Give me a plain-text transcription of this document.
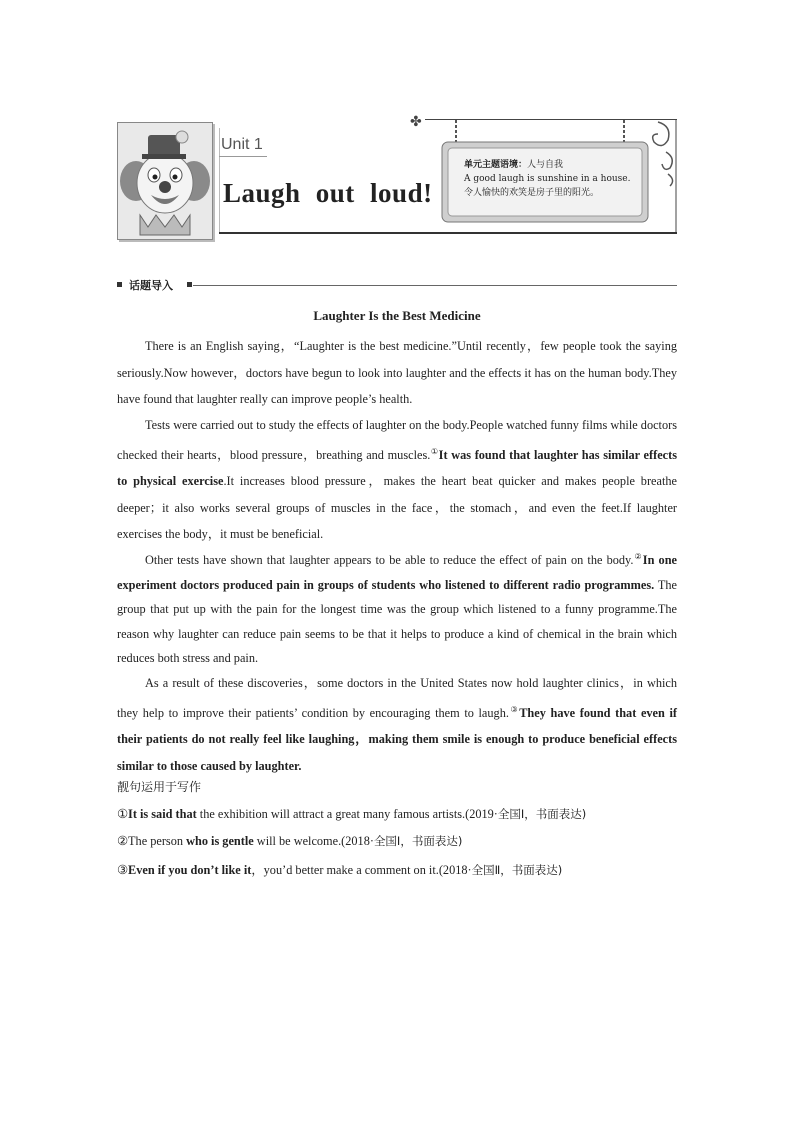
Unit 1
Laugh out loud!
✤
单元主题语境：人与自我
A good laugh is sunshine in a house.
令人愉快的欢笑是房子里的阳光。
话题导入
Laughter Is the Best Medicine

There is an English saying，“Laughter is the best medicine.”Until recently，few people took the saying seriously.Now however，doctors have begun to look into laughter and the effects it has on the human body.They have found that laughter really can improve people’s health.

Tests were carried out to study the effects of laughter on the body.People watched funny films while doctors checked their hearts，blood pressure，breathing and muscles.①It was found that laughter has similar effects to physical exercise.It increases blood pressure，makes the heart beat quicker and makes people breathe deeper；it also works several groups of muscles in the face，the stomach，and even the feet.If laughter exercises the body，it must be beneficial.

Other tests have shown that laughter appears to be able to reduce the effect of pain on the body.②In one experiment doctors produced pain in groups of students who listened to different radio programmes. The group that put up with the pain for the longest time was the group which listened to a funny programme.The reason why laughter can reduce pain seems to be that it helps to produce a kind of chemical in the brain which reduces both stress and pain.

As a result of these discoveries，some doctors in the United States now hold laughter clinics，in which they help to improve their patients’ condition by encouraging them to laugh.③They have found that even if their patients do not really feel like laughing，making them smile is enough to produce beneficial effects similar to those caused by laughter.

靓句运用于写作
①It is said that the exhibition will attract a great many famous artists.(2019·全国Ⅰ，书面表达)
②The person who is gentle will be welcome.(2018·全国Ⅰ，书面表达)
③Even if you don’t like it，you’d better make a comment on it.(2018·全国Ⅱ，书面表达)
